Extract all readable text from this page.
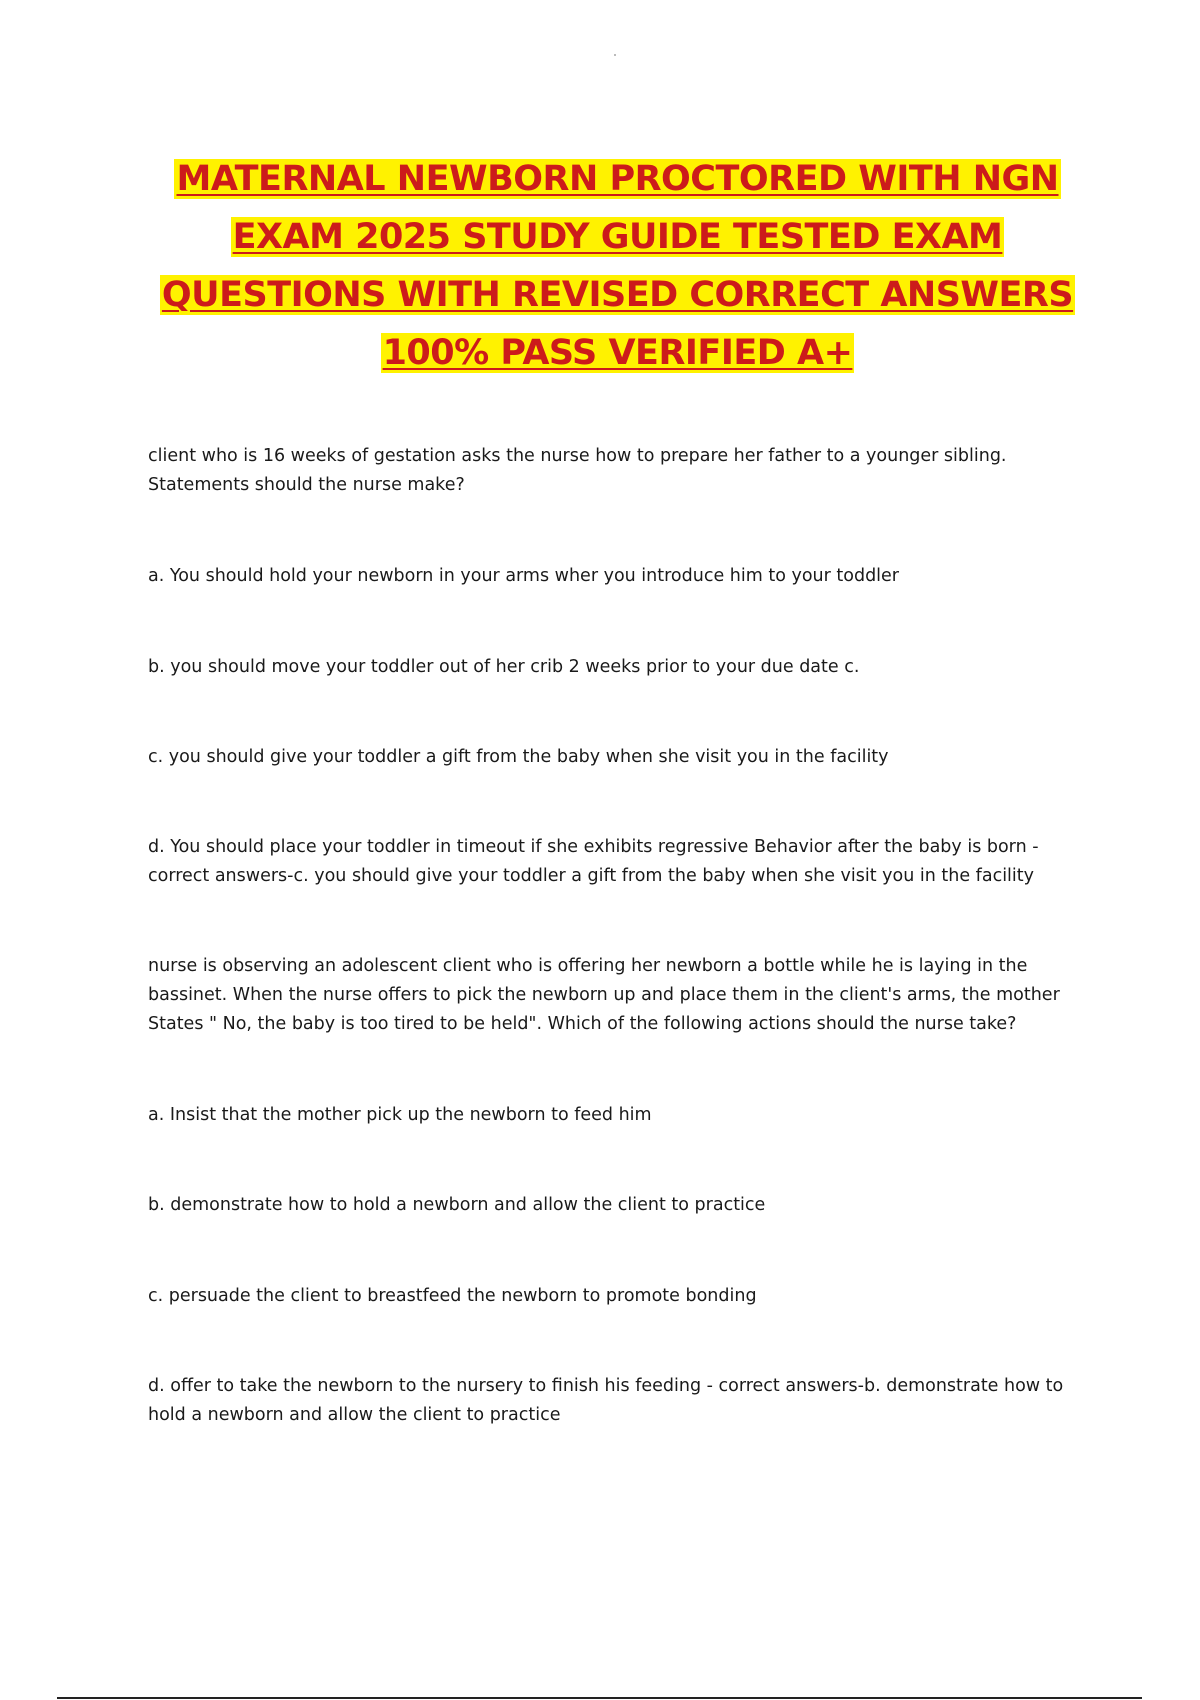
MATERNAL NEWBORN PROCTORED WITH NGN
EXAM 2025 STUDY GUIDE TESTED EXAM
QUESTIONS WITH REVISED CORRECT ANSWERS
100% PASS VERIFIED A+

client who is 16 weeks of gestation asks the nurse how to prepare her father to a younger sibling. Statements should the nurse make?

a. You should hold your newborn in your arms wher you introduce him to your toddler

b. you should move your toddler out of her crib 2 weeks prior to your due date c.

c. you should give your toddler a gift from the baby when she visit you in the facility

d. You should place your toddler in timeout if she exhibits regressive Behavior after the baby is born - correct answers-c. you should give your toddler a gift from the baby when she visit you in the facility

nurse is observing an adolescent client who is offering her newborn a bottle while he is laying in the bassinet. When the nurse offers to pick the newborn up and place them in the client's arms, the mother States " No, the baby is too tired to be held". Which of the following actions should the nurse take?

a. Insist that the mother pick up the newborn to feed him

b. demonstrate how to hold a newborn and allow the client to practice

c. persuade the client to breastfeed the newborn to promote bonding

d. offer to take the newborn to the nursery to finish his feeding - correct answers-b. demonstrate how to hold a newborn and allow the client to practice
